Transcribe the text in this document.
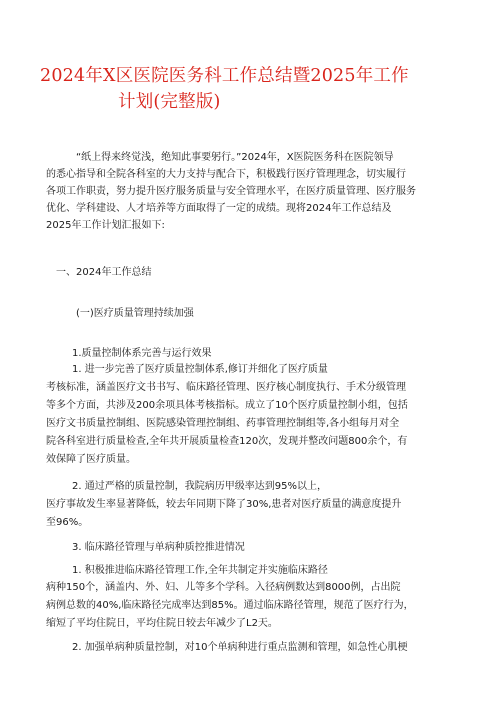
2024年X区医院医务科工作总结暨2025年工作
计划(完整版)
“纸上得来终觉浅，绝知此事要躬行。”2024年，X医院医务科在医院领导
的悉心指导和全院各科室的大力支持与配合下，积极践行医疗管理理念，切实履行
各项工作职责，努力提升医疗服务质量与安全管理水平，在医疗质量管理、医疗服务
优化、学科建设、人才培养等方面取得了一定的成绩。现将2024年工作总结及
2025年工作计划汇报如下:
一、2024年工作总结
(一)医疗质量管理持续加强
1.质量控制体系完善与运行效果
1. 进一步完善了医疗质量控制体系,修订并细化了医疗质量
考核标准，涵盖医疗文书书写、临床路径管理、医疗核心制度执行、手术分级管理
等多个方面，共涉及200余项具体考核指标。成立了10个医疗质量控制小组，包括
医疗文书质量控制组、医院感染管理控制组、药事管理控制组等,各小组每月对全
院各科室进行质量检查,全年共开展质量检查120次，发现并整改问题800余个，有
效保障了医疗质量。
2. 通过严格的质量控制，我院病历甲级率达到95%以上，
医疗事故发生率显著降低，较去年同期下降了30%,患者对医疗质量的满意度提升
至96%。
3. 临床路径管理与单病种质控推进情况
1. 积极推进临床路径管理工作,全年共制定并实施临床路径
病种150个，涵盖内、外、妇、儿等多个学科。入径病例数达到8000例，占出院
病例总数的40%,临床路径完成率达到85%。通过临床路径管理，规范了医疗行为，
缩短了平均住院日，平均住院日较去年减少了L2天。
2. 加强单病种质量控制，对10个单病种进行重点监测和管理，如急性心肌梗
